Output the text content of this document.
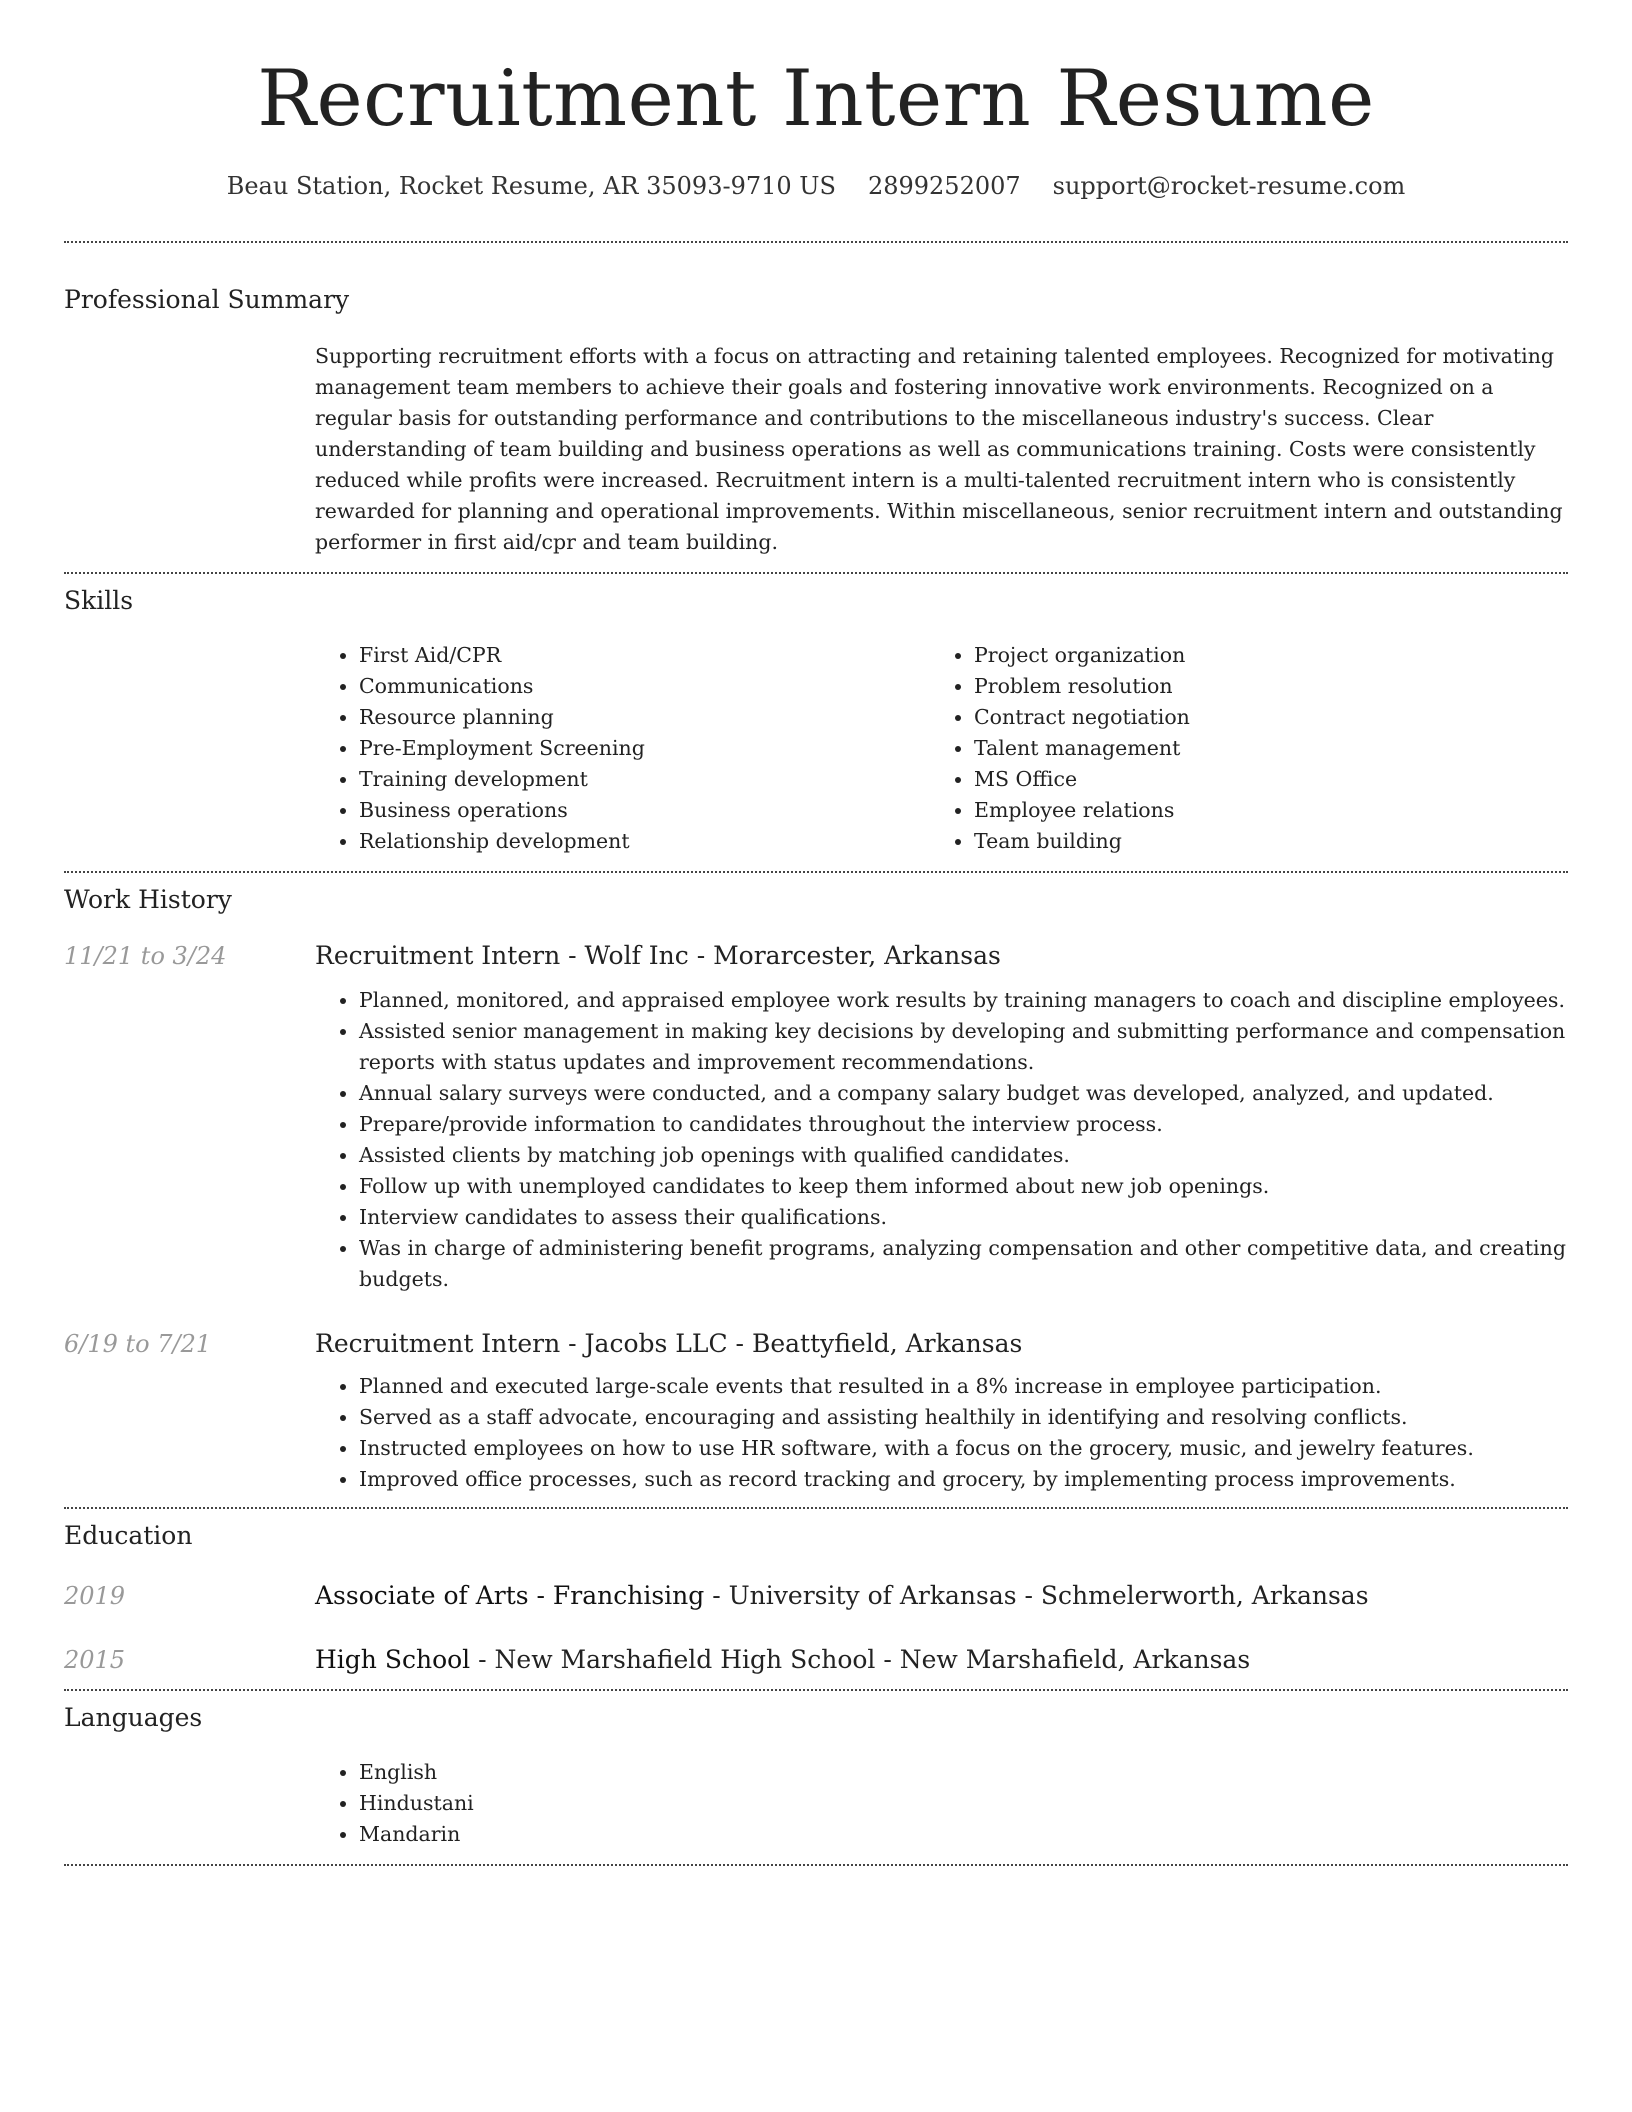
Recruitment Intern Resume
Beau Station, Rocket Resume, AR 35093-9710 US 2899252007 support@rocket-resume.com
Professional Summary

Supporting recruitment efforts with a focus on attracting and retaining talented employees. Recognized for motivating management team members to achieve their goals and fostering innovative work environments. Recognized on a regular basis for outstanding performance and contributions to the miscellaneous industry's success. Clear understanding of team building and business operations as well as communications training. Costs were consistently reduced while profits were increased. Recruitment intern is a multi-talented recruitment intern who is consistently rewarded for planning and operational improvements. Within miscellaneous, senior recruitment intern and outstanding performer in first aid/cpr and team building.

Skills
• First Aid/CPR
• Communications
• Resource planning
• Pre-Employment Screening
• Training development
• Business operations
• Relationship development
• Project organization
• Problem resolution
• Contract negotiation
• Talent management
• MS Office
• Employee relations
• Team building
Work History
11/21 to 3/24	Recruitment Intern - Wolf Inc - Morarcester, Arkansas
• Planned, monitored, and appraised employee work results by training managers to coach and discipline employees.
• Assisted senior management in making key decisions by developing and submitting performance and compensation reports with status updates and improvement recommendations.
• Annual salary surveys were conducted, and a company salary budget was developed, analyzed, and updated.
• Prepare/provide information to candidates throughout the interview process.
• Assisted clients by matching job openings with qualified candidates.
• Follow up with unemployed candidates to keep them informed about new job openings.
• Interview candidates to assess their qualifications.
• Was in charge of administering benefit programs, analyzing compensation and other competitive data, and creating budgets.
6/19 to 7/21	Recruitment Intern - Jacobs LLC - Beattyfield, Arkansas
• Planned and executed large-scale events that resulted in a 8% increase in employee participation.
• Served as a staff advocate, encouraging and assisting healthily in identifying and resolving conflicts.
• Instructed employees on how to use HR software, with a focus on the grocery, music, and jewelry features.
• Improved office processes, such as record tracking and grocery, by implementing process improvements.
Education
2019	Associate of Arts - Franchising - University of Arkansas - Schmelerworth, Arkansas
2015	High School - New Marshafield High School - New Marshafield, Arkansas
Languages
• English
• Hindustani
• Mandarin
